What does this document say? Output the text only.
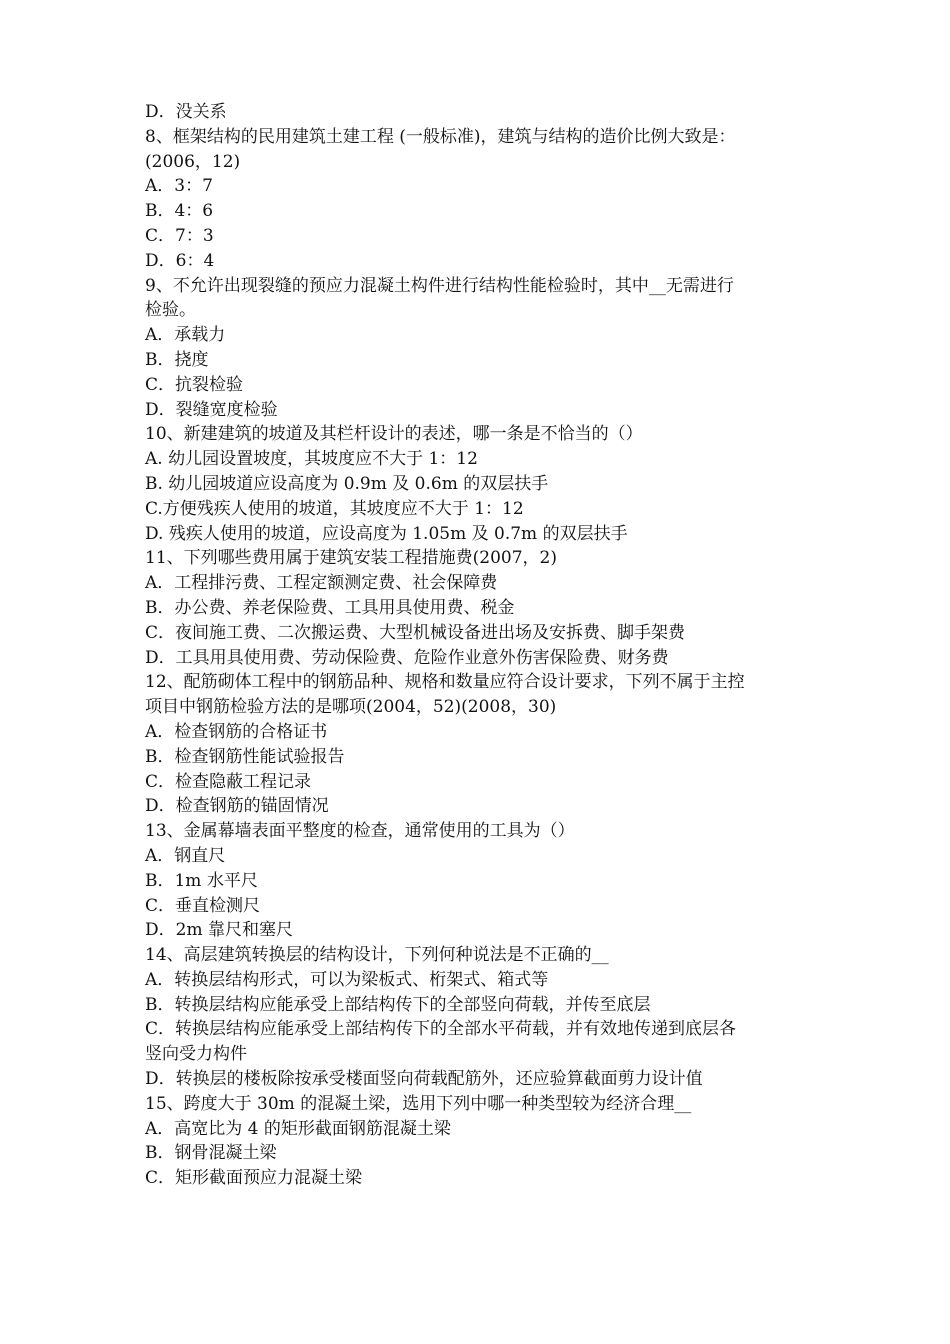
D．没关系
8、框架结构的民用建筑土建工程 (一般标准)，建筑与结构的造价比例大致是：
(2006，12)
A．3：7
B．4：6
C．7：3
D．6：4
9、不允许出现裂缝的预应力混凝土构件进行结构性能检验时，其中__无需进行
检验。
A．承载力
B．挠度
C．抗裂检验
D．裂缝宽度检验
10、新建建筑的坡道及其栏杆设计的表述，哪一条是不恰当的（）
A. 幼儿园设置坡度，其坡度应不大于 1：12
B. 幼儿园坡道应设高度为 0.9m 及 0.6m 的双层扶手
C.方便残疾人使用的坡道，其坡度应不大于 1：12
D. 残疾人使用的坡道，应设高度为 1.05m 及 0.7m 的双层扶手
11、下列哪些费用属于建筑安装工程措施费(2007，2)
A．工程排污费、工程定额测定费、社会保障费
B．办公费、养老保险费、工具用具使用费、税金
C．夜间施工费、二次搬运费、大型机械设备进出场及安拆费、脚手架费
D．工具用具使用费、劳动保险费、危险作业意外伤害保险费、财务费
12、配筋砌体工程中的钢筋品种、规格和数量应符合设计要求，下列不属于主控
项目中钢筋检验方法的是哪项(2004，52)(2008，30)
A．检查钢筋的合格证书
B．检查钢筋性能试验报告
C．检查隐蔽工程记录
D．检查钢筋的锚固情况
13、金属幕墙表面平整度的检查，通常使用的工具为（）
A．钢直尺
B．1m 水平尺
C．垂直检测尺
D．2m 靠尺和塞尺
14、高层建筑转换层的结构设计，下列何种说法是不正确的__
A．转换层结构形式，可以为梁板式、桁架式、箱式等
B．转换层结构应能承受上部结构传下的全部竖向荷载，并传至底层
C．转换层结构应能承受上部结构传下的全部水平荷载，并有效地传递到底层各
竖向受力构件
D．转换层的楼板除按承受楼面竖向荷载配筋外，还应验算截面剪力设计值
15、跨度大于 30m 的混凝土梁，选用下列中哪一种类型较为经济合理__
A．高宽比为 4 的矩形截面钢筋混凝土梁
B．钢骨混凝土梁
C．矩形截面预应力混凝土梁
